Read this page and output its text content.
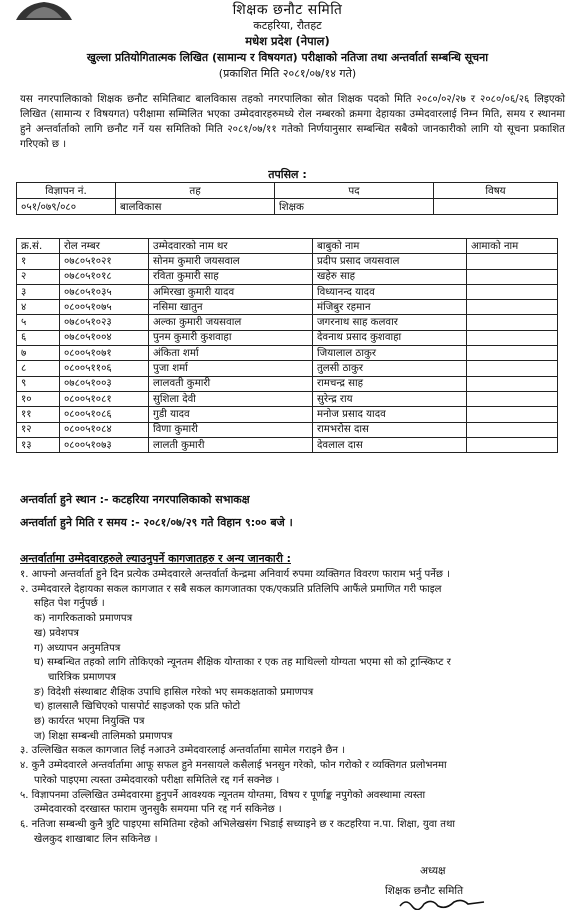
शिक्षक छनौट समिति
कटहरिया, रौतहट
मधेश प्रदेश (नेपाल)
खुल्ला प्रतियोगितात्मक लिखित (सामान्य र विषयगत) परीक्षाको नतिजा तथा अन्तर्वार्ता सम्बन्धि सूचना
(प्रकाशित मिति २०८१/०७/१४ गते)
यस नगरपालिकाको शिक्षक छनौट समितिबाट बालविकास तहको नगरपालिका स्रोत शिक्षक पदको मिति २०८०/०२/२७ र २०८०/०६/२६ लिइएको लिखित (सामान्य र विषयगत) परीक्षामा सम्मिलित भएका उम्मेदवारहरुमध्ये रोल नम्बरको क्रमगा देहायका उम्मेदवारलाई निम्न मिति, समय र स्थानमा हुने अन्तर्वार्ताको लागि छनौट गर्ने यस समितिको मिति २०८१/०७/११ गतेको निर्णयानुसार सम्बन्धित सबैको जानकारीको लागि यो सूचना प्रकाशित गरिएको छ ।
तपसिल :
विज्ञापन नं.	तह	पद	विषय
०५१/०७९/०८०	बालविकास	शिक्षक	
क्र.सं.	रोल नम्बर	उम्मेदवारको नाम थर	बाबुको नाम	आमाको नाम
१	०७८०५१०२१	सोनम कुमारी जयसवाल	प्रदीप प्रसाद जयसवाल	
२	०७८०५१०१८	रविता कुमारी साह	खहेरु साह	
३	०७८०५१०३५	अमिरखा कुमारी यादव	विध्यानन्द यादव	
४	०८००५१०७५	नसिमा खातुन	मंजिबुर रहमान	
५	०७८०५१०२३	अल्का कुमारी जयसवाल	जगरनाथ साह कलवार	
६	०७८०५१००४	पुनम कुमारी कुशवाहा	देवनाथ प्रसाद कुशवाहा	
७	०८००५१०७१	अंकिता शर्मा	जियालाल ठाकुर	
८	०८००५११०६	पुजा शर्मा	तुलसी ठाकुर	
९	०७८०५१००३	लालवती कुमारी	रामचन्द्र साह	
१०	०८००५१०८१	सुशिला देवी	सुरेन्द्र राय	
११	०८००५१०८६	गुडी यादव	मनोज प्रसाद यादव	
१२	०८००५१०८४	विणा कुमारी	रामभरोस दास	
१३	०८००५१०७३	लालती कुमारी	देवलाल दास	
अन्तर्वार्ता हुने स्थान :- कटहरिया नगरपालिकाको सभाकक्ष
अन्तर्वार्ता हुने मिति र समय :- २०८१/०७/२९ गते विहान ९:०० बजे ।
अन्तर्वार्तामा उम्मेदवारहरुले ल्याउनुपर्ने कागजातहरु र अन्य जानकारी :
१. आफ्नो अन्तर्वार्ता हुने दिन प्रत्येक उम्मेदवारले अन्तर्वार्ता केन्द्रमा अनिवार्य रुपमा व्यक्तिगत विवरण फाराम भर्नु पर्नेछ ।
२. उम्मेदवारले देहायका सकल कागजात र सबै सकल कागजातका एक/एकप्रति प्रतिलिपि आफैंले प्रमाणित गरी फाइल
सहित पेश गर्नुपर्छ ।
क) नागरिकताको प्रमाणपत्र
ख) प्रवेशपत्र
ग) अध्यापन अनुमतिपत्र
घ) सम्बन्धित तहको लागि तोकिएको न्यूनतम शैक्षिक योग्ताका र एक तह माथिल्लो योग्यता भएमा सो को ट्रान्स्किप्ट र
चारित्रिक प्रमाणपत्र
ङ) विदेशी संस्थाबाट शैक्षिक उपाधि हासिल गरेको भए समकक्षताको प्रमाणपत्र
च) हालसालै खिचिएको पासपोर्ट साइजको एक प्रति फोटो
छ) कार्यरत भएमा नियुक्ति पत्र
ज) शिक्षा सम्बन्धी तालिमको प्रमाणपत्र
३. उल्लिखित सकल कागजात लिई नआउने उम्मेदवारलाई अन्तर्वार्तामा सामेल गराइने छैन ।
४. कुनै उम्मेदवारले अन्तर्वार्तामा आफू सफल हुने मनसायले कसैलाई भनसुन गरेको, फोन गरोको र व्यक्तिगत प्रलोभनमा
पारेको पाइएमा त्यस्ता उम्मेदवारको परीक्षा समितिले रद्द गर्न सक्नेछ ।
५. विज्ञापनमा उल्लिखित उम्मेदवारमा हुनुपर्ने आवश्यक न्यूनतम योग्तमा, विषय र पूर्णाङ्क नपुगेको अवस्थामा त्यस्ता
उम्मेदवारको दरखास्त फाराम जुनसुकै समयमा पनि रद्द गर्न सकिनेछ ।
६. नतिजा सम्बन्धी कुनै त्रुटि पाइएमा समितिमा रहेको अभिलेखसंग भिडाई सच्याइने छ र कटहरिया न.पा. शिक्षा, युवा तथा
खेलकुद शाखाबाट लिन सकिनेछ ।
अध्यक्ष
शिक्षक छनौट समिति
